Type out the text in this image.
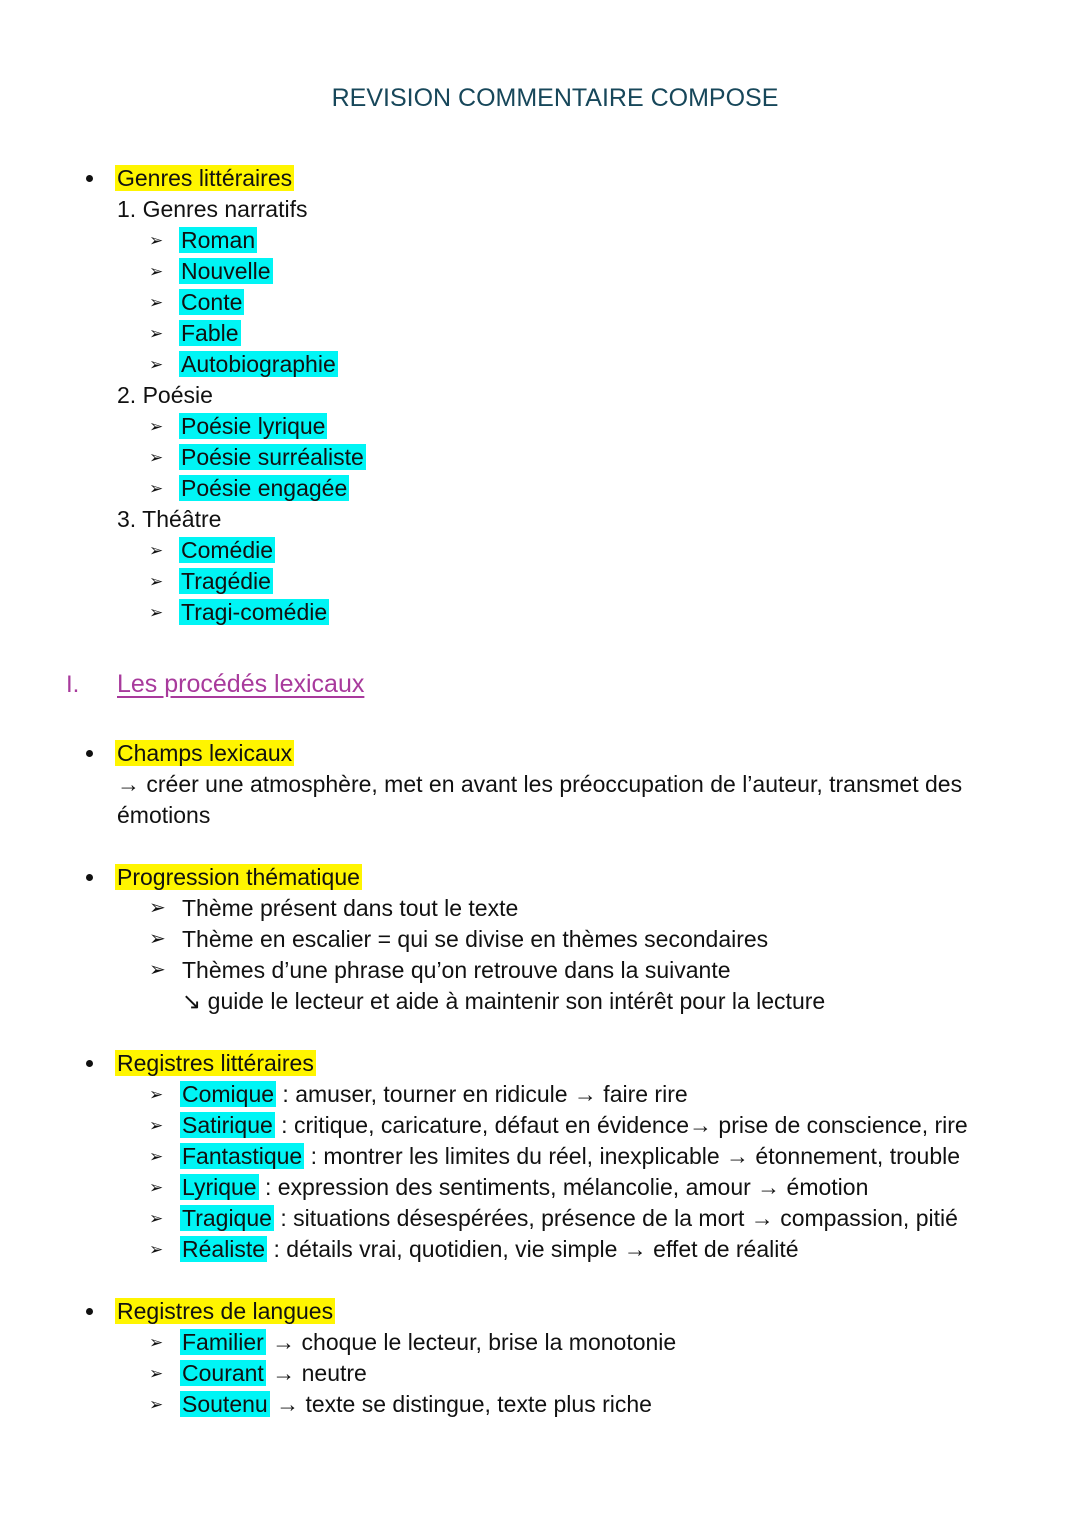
REVISION COMMENTAIRE COMPOSE
Genres littéraires
1. Genres narratifs
➢ Roman
➢ Nouvelle
➢ Conte
➢ Fable
➢ Autobiographie
2. Poésie
➢ Poésie lyrique
➢ Poésie surréaliste
➢ Poésie engagée
3. Théâtre
➢ Comédie
➢ Tragédie
➢ Tragi-comédie
I. Les procédés lexicaux
Champs lexicaux
→ créer une atmosphère, met en avant les préoccupation de l’auteur, transmet des
émotions
Progression thématique
➢ Thème présent dans tout le texte
➢ Thème en escalier = qui se divise en thèmes secondaires
➢ Thèmes d’une phrase qu’on retrouve dans la suivante
↘ guide le lecteur et aide à maintenir son intérêt pour la lecture
Registres littéraires
➢ Comique : amuser, tourner en ridicule → faire rire
➢ Satirique : critique, caricature, défaut en évidence→ prise de conscience, rire
➢ Fantastique : montrer les limites du réel, inexplicable → étonnement, trouble
➢ Lyrique : expression des sentiments, mélancolie, amour → émotion
➢ Tragique : situations désespérées, présence de la mort → compassion, pitié
➢ Réaliste : détails vrai, quotidien, vie simple → effet de réalité
Registres de langues
➢ Familier → choque le lecteur, brise la monotonie
➢ Courant → neutre
➢ Soutenu → texte se distingue, texte plus riche
